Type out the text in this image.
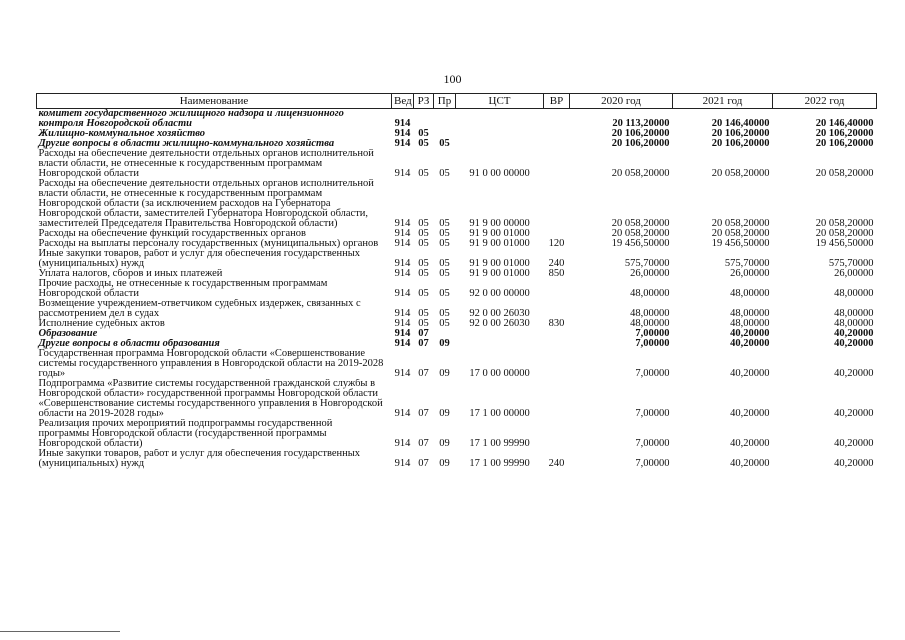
100
Наименование	Вед	РЗ	Пр	ЦСТ	ВР	2020 год	2021 год	2022 год
комитет государственного жилищного надзора и лицензионного контроля Новгородской области	914					20 113,20000	20 146,40000	20 146,40000
Жилищно-коммунальное хозяйство	914	05				20 106,20000	20 106,20000	20 106,20000
Другие вопросы в области жилищно-коммунального хозяйства	914	05	05			20 106,20000	20 106,20000	20 106,20000
Расходы на обеспечение деятельности отдельных органов исполнительной власти области, не отнесенные к государственным программам Новгородской области	914	05	05	91 0 00 00000		20 058,20000	20 058,20000	20 058,20000
Расходы на обеспечение деятельности отдельных органов исполнительной власти области, не отнесенные к государственным программам Новгородской области (за исключением расходов на Губернатора Новгородской области, заместителей Губернатора Новгородской области, заместителей Председателя Правительства Новгородской области)	914	05	05	91 9 00 00000		20 058,20000	20 058,20000	20 058,20000
Расходы на обеспечение функций государственных органов	914	05	05	91 9 00 01000		20 058,20000	20 058,20000	20 058,20000
Расходы на выплаты персоналу государственных (муниципальных) органов	914	05	05	91 9 00 01000	120	19 456,50000	19 456,50000	19 456,50000
Иные закупки товаров, работ и услуг для обеспечения государственных (муниципальных) нужд	914	05	05	91 9 00 01000	240	575,70000	575,70000	575,70000
Уплата налогов, сборов и иных платежей	914	05	05	91 9 00 01000	850	26,00000	26,00000	26,00000
Прочие расходы, не отнесенные к государственным программам Новгородской области	914	05	05	92 0 00 00000		48,00000	48,00000	48,00000
Возмещение учреждением-ответчиком судебных издержек, связанных с рассмотрением дел в судах	914	05	05	92 0 00 26030		48,00000	48,00000	48,00000
Исполнение судебных актов	914	05	05	92 0 00 26030	830	48,00000	48,00000	48,00000
Образование	914	07				7,00000	40,20000	40,20000
Другие вопросы в области образования	914	07	09			7,00000	40,20000	40,20000
Государственная программа Новгородской области «Совершенствование системы государственного управления в Новгородской области на 2019-2028 годы»	914	07	09	17 0 00 00000		7,00000	40,20000	40,20000
Подпрограмма «Развитие системы государственной гражданской службы в Новгородской области» государственной программы Новгородской области «Совершенствование системы государственного управления в Новгородской области на 2019-2028 годы»	914	07	09	17 1 00 00000		7,00000	40,20000	40,20000
Реализация прочих мероприятий подпрограммы государственной программы Новгородской области (государственной программы Новгородской области)	914	07	09	17 1 00 99990		7,00000	40,20000	40,20000
Иные закупки товаров, работ и услуг для обеспечения государственных (муниципальных) нужд	914	07	09	17 1 00 99990	240	7,00000	40,20000	40,20000
